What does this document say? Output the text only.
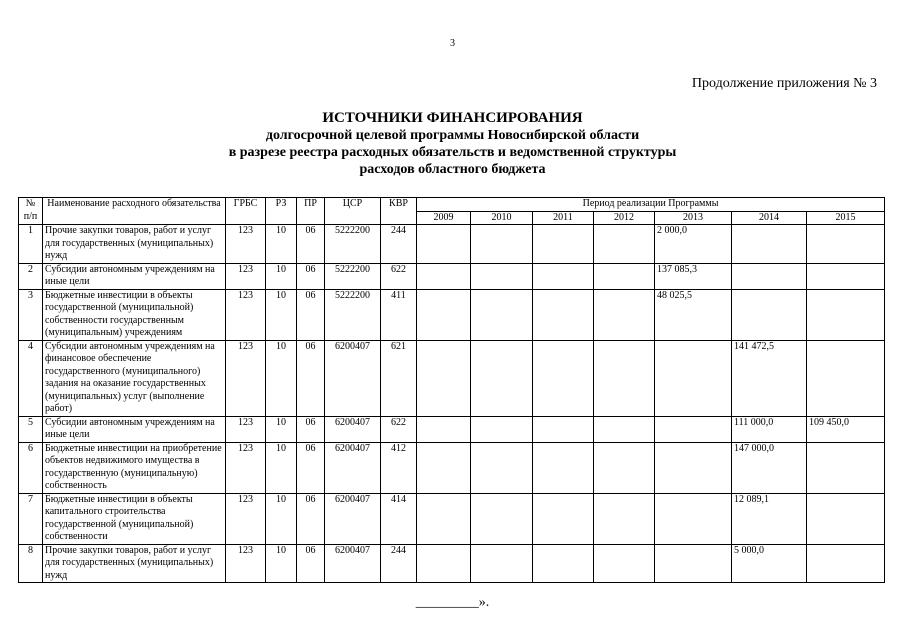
3
Продолжение приложения № 3
ИСТОЧНИКИ ФИНАНСИРОВАНИЯ
долгосрочной целевой программы Новосибирской области
в разрезе реестра расходных обязательств и ведомственной структуры
расходов областного бюджета
№ п/п	Наименование расходного обязательства	ГРБС	РЗ	ПР	ЦСР	КВР	Период реализации Программы						
							2009	2010	2011	2012	2013	2014	2015
1	Прочие закупки товаров, работ и услуг для государственных (муниципальных) нужд	123	10	06	5222200	244					2 000,0		
2	Субсидии автономным учреждениям на иные цели	123	10	06	5222200	622					137 085,3		
3	Бюджетные инвестиции в объекты государственной (муниципальной) собственности государственным (муниципальным) учреждениям	123	10	06	5222200	411					48 025,5		
4	Субсидии автономным учреждениям на финансовое обеспечение государственного (муниципального) задания на оказание государственных (муниципальных) услуг (выполнение работ)	123	10	06	6200407	621						141 472,5	
5	Субсидии автономным учреждениям на иные цели	123	10	06	6200407	622						111 000,0	109 450,0
6	Бюджетные инвестиции на приобретение объектов недвижимого имущества в государственную (муниципальную) собственность	123	10	06	6200407	412						147 000,0	
7	Бюджетные инвестиции в объекты капитального строительства государственной (муниципальной) собственности	123	10	06	6200407	414						12 089,1	
8	Прочие закупки товаров, работ и услуг для государственных (муниципальных) нужд	123	10	06	6200407	244						5 000,0	
_________».
